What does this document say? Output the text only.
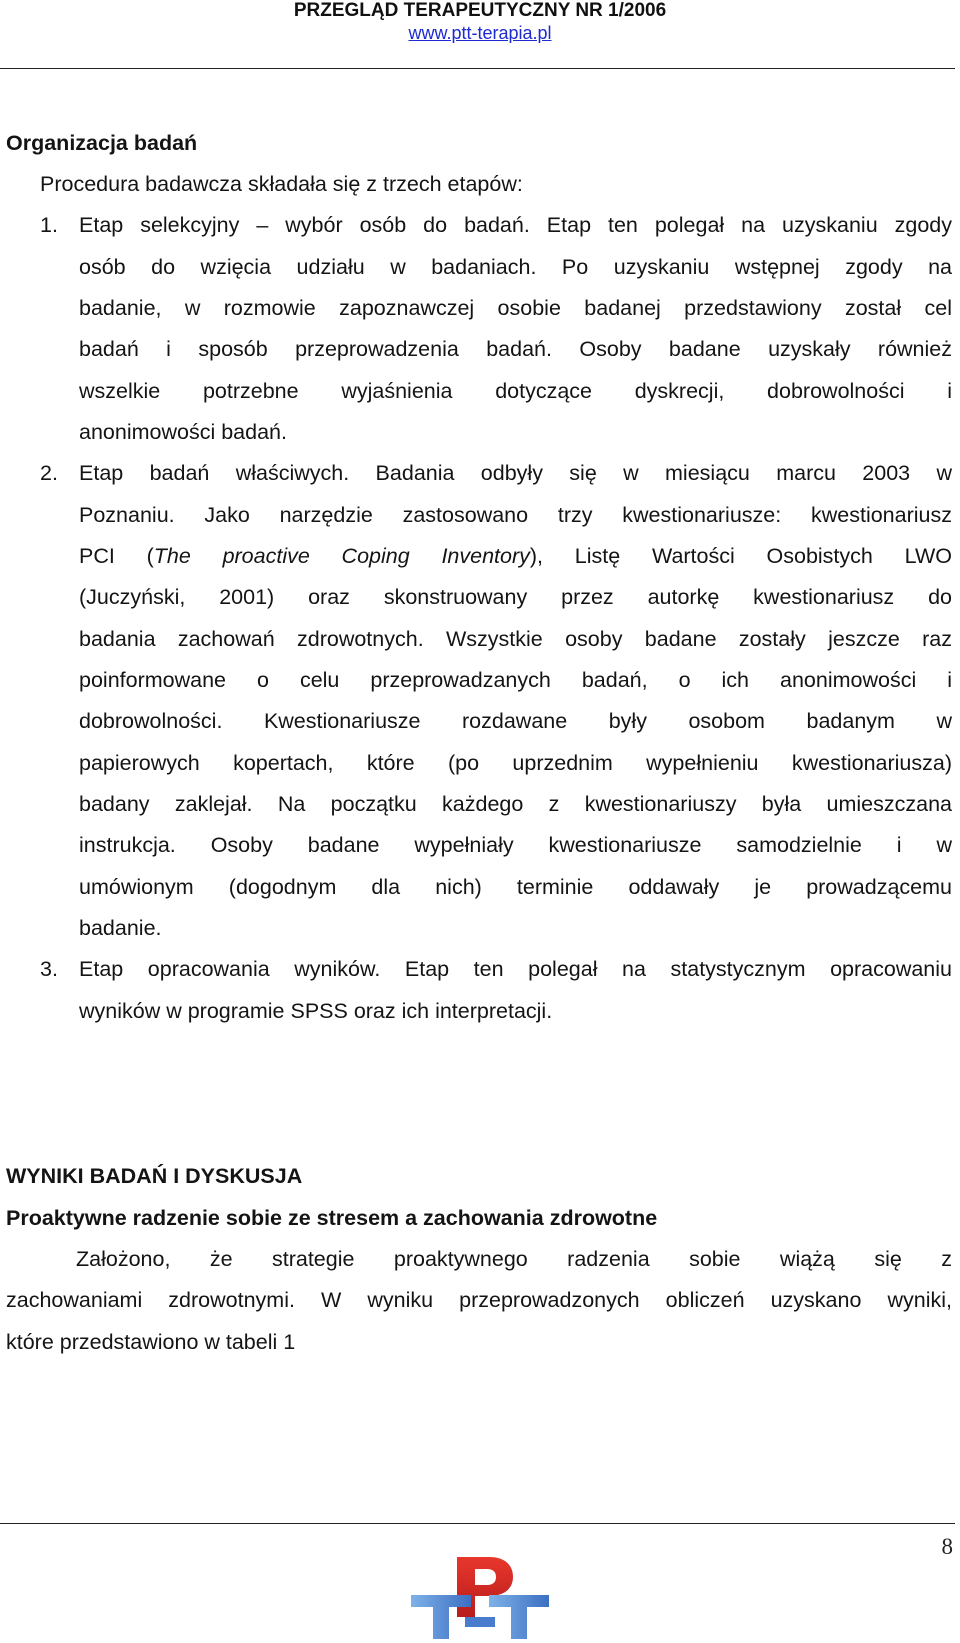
PRZEGLĄD TERAPEUTYCZNY NR 1/2006
www.ptt-terapia.pl
Organizacja badań
Procedura badawcza składała się z trzech etapów:
1. Etap selekcyjny – wybór osób do badań. Etap ten polegał na uzyskaniu zgody
osób do wzięcia udziału w badaniach. Po uzyskaniu wstępnej zgody na
badanie, w rozmowie zapoznawczej osobie badanej przedstawiony został cel
badań i sposób przeprowadzenia badań. Osoby badane uzyskały również
wszelkie potrzebne wyjaśnienia dotyczące dyskrecji, dobrowolności i
anonimowości badań.
2. Etap badań właściwych. Badania odbyły się w miesiącu marcu 2003 w
Poznaniu. Jako narzędzie zastosowano trzy kwestionariusze: kwestionariusz
PCI (The proactive Coping Inventory), Listę Wartości Osobistych LWO
(Juczyński, 2001) oraz skonstruowany przez autorkę kwestionariusz do
badania zachowań zdrowotnych. Wszystkie osoby badane zostały jeszcze raz
poinformowane o celu przeprowadzanych badań, o ich anonimowości i
dobrowolności. Kwestionariusze rozdawane były osobom badanym w
papierowych kopertach, które (po uprzednim wypełnieniu kwestionariusza)
badany zaklejał. Na początku każdego z kwestionariuszy była umieszczana
instrukcja. Osoby badane wypełniały kwestionariusze samodzielnie i w
umówionym (dogodnym dla nich) terminie oddawały je prowadzącemu
badanie.
3. Etap opracowania wyników. Etap ten polegał na statystycznym opracowaniu
wyników w programie SPSS oraz ich interpretacji.
WYNIKI BADAŃ I DYSKUSJA
Proaktywne radzenie sobie ze stresem a zachowania zdrowotne
Założono, że strategie proaktywnego radzenia sobie wiążą się z
zachowaniami zdrowotnymi. W wyniku przeprowadzonych obliczeń uzyskano wyniki,
które przedstawiono w tabeli 1
8
